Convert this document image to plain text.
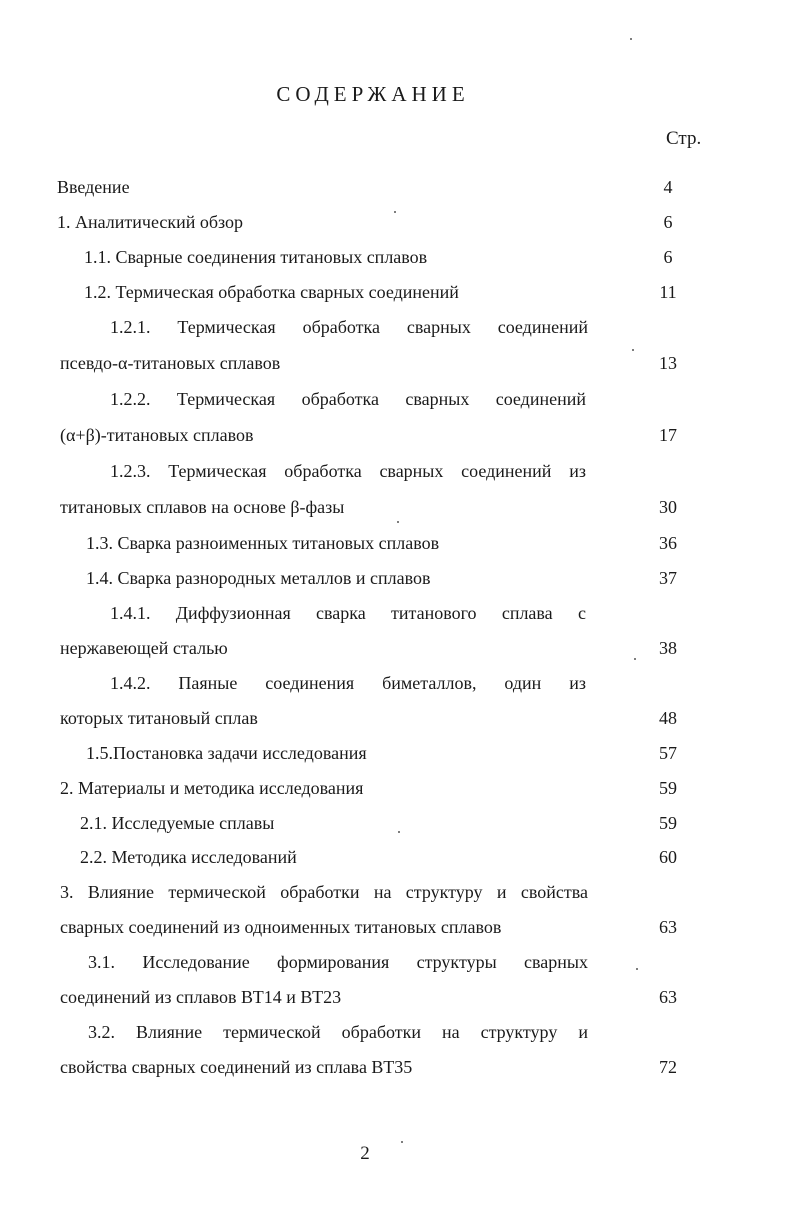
СОДЕРЖАНИЕ
Стр.
Введение	4
1. Аналитический обзор	6
1.1. Сварные соединения титановых сплавов	6
1.2. Термическая обработка сварных соединений	11
1.2.1. Термическая обработка сварных соединений
псевдо-α-титановых сплавов	13
1.2.2. Термическая обработка сварных соединений
(α+β)-титановых сплавов	17
1.2.3. Термическая обработка сварных соединений из
титановых сплавов на основе β-фазы	30
1.3. Сварка разноименных титановых сплавов	36
1.4. Сварка разнородных металлов и сплавов	37
1.4.1. Диффузионная сварка титанового сплава с
нержавеющей сталью	38
1.4.2. Паяные соединения биметаллов, один из
которых титановый сплав	48
1.5.Постановка задачи исследования	57
2. Материалы и методика исследования	59
2.1. Исследуемые сплавы	59
2.2. Методика исследований	60
3. Влияние термической обработки на структуру и свойства
сварных соединений из одноименных титановых сплавов	63
3.1. Исследование формирования структуры сварных
соединений из сплавов ВТ14 и ВТ23	63
3.2. Влияние термической обработки на структуру и
свойства сварных соединений из сплава ВТ35	72
2
